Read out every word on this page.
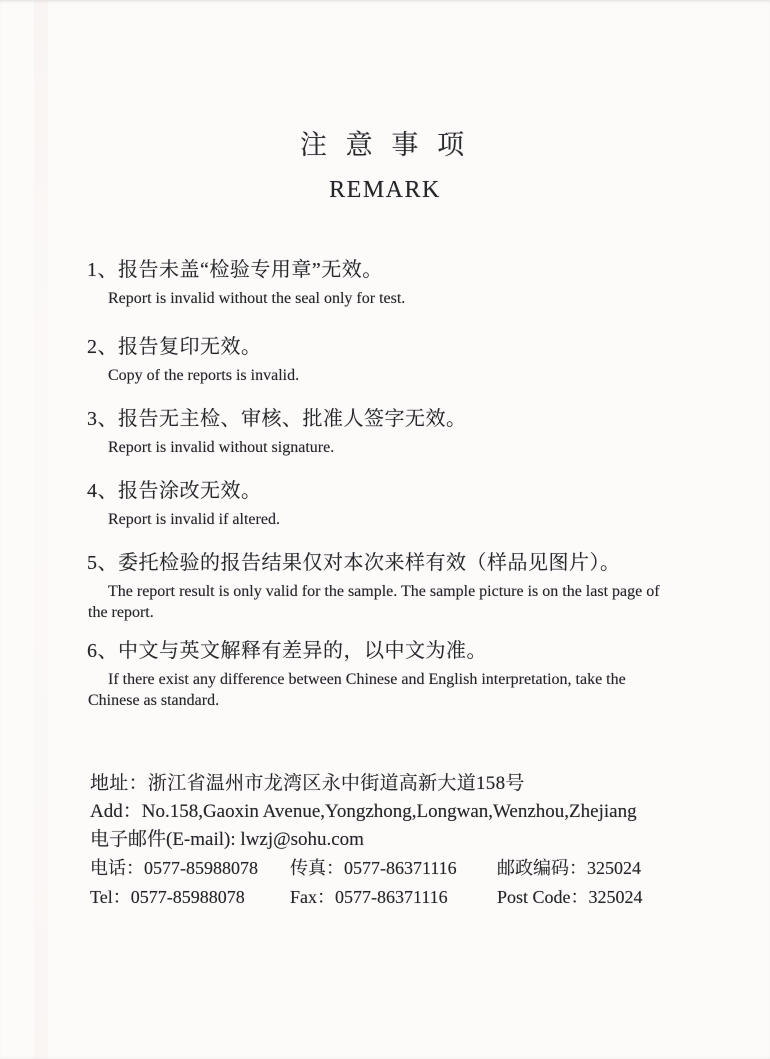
注 意 事 项
REMARK
1、报告未盖“检验专用章”无效。

Report is invalid without the seal only for test.

2、报告复印无效。

Copy of the reports is invalid.

3、报告无主检、审核、批准人签字无效。

Report is invalid without signature.

4、报告涂改无效。

Report is invalid if altered.

5、委托检验的报告结果仅对本次来样有效（样品见图片）。

The report result is only valid for the sample. The sample picture is on the last page of the report.

6、中文与英文解释有差异的，以中文为准。

If there exist any difference between Chinese and English interpretation, take the Chinese as standard.

地址：浙江省温州市龙湾区永中街道高新大道158号
Add：No.158,Gaoxin Avenue,Yongzhong,Longwan,Wenzhou,Zhejiang
电子邮件(E-mail): lwzj@sohu.com
电话：0577-85988078	传真：0577-86371116	邮政编码：325024
Tel：0577-85988078	Fax：0577-86371116	Post Code：325024
